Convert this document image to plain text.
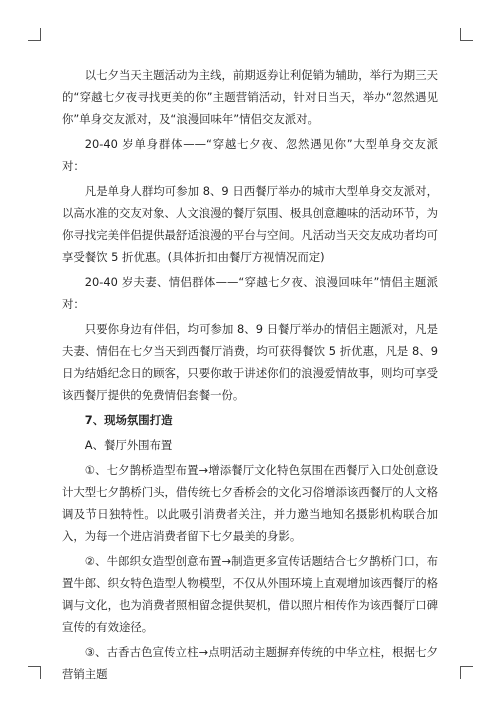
以七夕当天主题活动为主线，前期返券让利促销为辅助，举行为期三天的“穿越七夕夜寻找更美的你”主题营销活动，针对日当天，举办“忽然遇见你”单身交友派对，及“浪漫回味年”情侣交友派对。

20-40 岁单身群体——“穿越七夕夜、忽然遇见你”大型单身交友派对：

凡是单身人群均可参加 8、9 日西餐厅举办的城市大型单身交友派对，以高水准的交友对象、人文浪漫的餐厅氛围、极具创意趣味的活动环节，为你寻找完美伴侣提供最舒适浪漫的平台与空间。凡活动当天交友成功者均可享受餐饮 5 折优惠。(具体折扣由餐厅方视情况而定)

20-40 岁夫妻、情侣群体——“穿越七夕夜、浪漫回味年”情侣主题派对：

只要你身边有伴侣，均可参加 8、9 日餐厅举办的情侣主题派对，凡是夫妻、情侣在七夕当天到西餐厅消费，均可获得餐饮 5 折优惠，凡是 8、9 日为结婚纪念日的顾客，只要你敢于讲述你们的浪漫爱情故事，则均可享受该西餐厅提供的免费情侣套餐一份。

7、现场氛围打造

A、餐厅外围布置

①、七夕鹊桥造型布置→增添餐厅文化特色氛围在西餐厅入口处创意设计大型七夕鹊桥门头，借传统七夕香桥会的文化习俗增添该西餐厅的人文格调及节日独特性。以此吸引消费者关注，并力邀当地知名摄影机构联合加入，为每一个进店消费者留下七夕最美的身影。

②、牛郎织女造型创意布置→制造更多宣传话题结合七夕鹊桥门口，布置牛郎、织女特色造型人物模型，不仅从外围环境上直观增加该西餐厅的格调与文化，也为消费者照相留念提供契机，借以照片相传作为该西餐厅口碑宣传的有效途径。

③、古香古色宣传立柱→点明活动主题摒弃传统的中华立柱，根据七夕营销主题
